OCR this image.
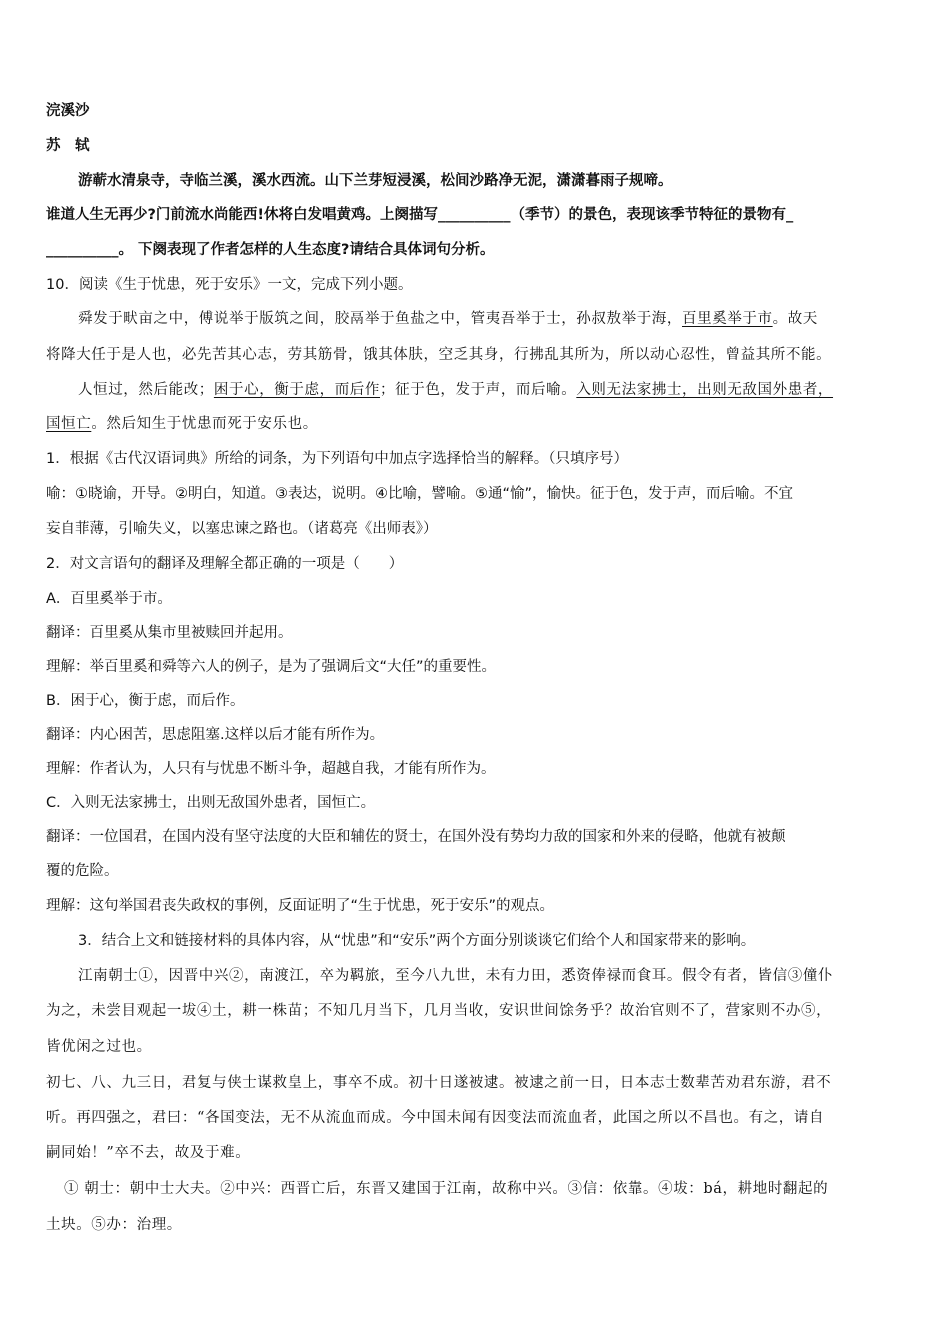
浣溪沙
苏　轼
游蕲水清泉寺，寺临兰溪，溪水西流。山下兰芽短浸溪，松间沙路净无泥，潇潇暮雨子规啼。
谁道人生无再少?门前流水尚能西!休将白发唱黄鸡。上阕描写__________（季节）的景色，表现该季节特征的景物有_
__________。 下阕表现了作者怎样的人生态度?请结合具体词句分析。
10．阅读《生于忧患，死于安乐》一文，完成下列小题。
舜发于畎亩之中，傅说举于版筑之间，胶鬲举于鱼盐之中，管夷吾举于士，孙叔敖举于海，百里奚举于市。故天
将降大任于是人也，必先苦其心志，劳其筋骨，饿其体肤，空乏其身，行拂乱其所为，所以动心忍性，曾益其所不能。
人恒过，然后能改；困于心，衡于虑，而后作；征于色，发于声，而后喻。入则无法家拂士，出则无敌国外患者，
国恒亡。然后知生于忧患而死于安乐也。
1．根据《古代汉语词典》所给的词条，为下列语句中加点字选择恰当的解释。（只填序号）
喻：①晓谕，开导。②明白，知道。③表达，说明。④比喻，譬喻。⑤通“愉”，愉快。征于色，发于声，而后喻。不宜
妄自菲薄，引喻失义，以塞忠谏之路也。（诸葛亮《出师表》）
2．对文言语句的翻译及理解全都正确的一项是（　　）
A．百里奚举于市。
翻译：百里奚从集市里被赎回并起用。
理解：举百里奚和舜等六人的例子，是为了强调后文“大任”的重要性。
B．困于心，衡于虑，而后作。
翻译：内心困苦，思虑阻塞.这样以后才能有所作为。
理解：作者认为，人只有与忧患不断斗争，超越自我，才能有所作为。
C．入则无法家拂士，出则无敌国外患者，国恒亡。
翻译：一位国君，在国内没有坚守法度的大臣和辅佐的贤士，在国外没有势均力敌的国家和外来的侵略，他就有被颠
覆的危险。
理解：这句举国君丧失政权的事例，反面证明了“生于忧患，死于安乐”的观点。
3．结合上文和链接材料的具体内容，从“忧患”和“安乐”两个方面分别谈谈它们给个人和国家带来的影响。
江南朝士①，因晋中兴②，南渡江，卒为羁旅，至今八九世，未有力田，悉资俸禄而食耳。假令有者，皆信③僮仆
为之，未尝目观起一坺④土，耕一株苗；不知几月当下，几月当收，安识世间馀务乎？故治官则不了，营家则不办⑤，
皆优闲之过也。
初七、八、九三日，君复与侠士谋救皇上，事卒不成。初十日遂被逮。被逮之前一日，日本志士数辈苦劝君东游，君不
听。再四强之，君曰：“各国变法，无不从流血而成。今中国未闻有因变法而流血者，此国之所以不昌也。有之，请自
嗣同始！”卒不去，故及于难。
① 朝士：朝中士大夫。②中兴：西晋亡后，东晋又建国于江南，故称中兴。③信：依靠。④坺：bá，耕地时翻起的
土块。⑤办：治理。
